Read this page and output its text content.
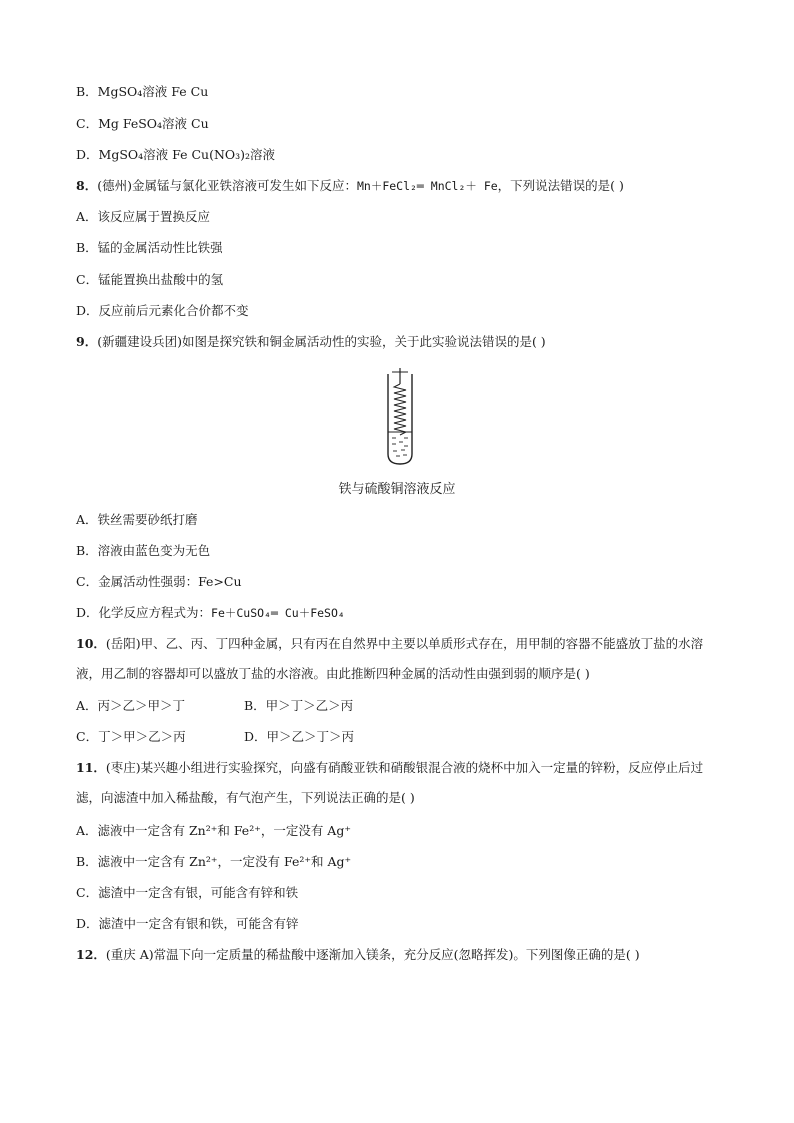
B．MgSO₄溶液 Fe Cu
C．Mg FeSO₄溶液 Cu
D．MgSO₄溶液 Fe Cu(NO₃)₂溶液
8．(德州)金属锰与氯化亚铁溶液可发生如下反应：Mn＋FeCl₂═ MnCl₂＋ Fe，下列说法错误的是( )
A．该反应属于置换反应
B．锰的金属活动性比铁强
C．锰能置换出盐酸中的氢
D．反应前后元素化合价都不变
9．(新疆建设兵团)如图是探究铁和铜金属活动性的实验，关于此实验说法错误的是( )
铁与硫酸铜溶液反应
A．铁丝需要砂纸打磨
B．溶液由蓝色变为无色
C．金属活动性强弱：Fe>Cu
D．化学反应方程式为：Fe＋CuSO₄═ Cu＋FeSO₄
10．(岳阳)甲、乙、丙、丁四种金属，只有丙在自然界中主要以单质形式存在，用甲制的容器不能盛放丁盐的水溶液，用乙制的容器却可以盛放丁盐的水溶液。由此推断四种金属的活动性由强到弱的顺序是( )
A．丙＞乙＞甲＞丁	B．甲＞丁＞乙＞丙
C．丁＞甲＞乙＞丙	D．甲＞乙＞丁＞丙
11．(枣庄)某兴趣小组进行实验探究，向盛有硝酸亚铁和硝酸银混合液的烧杯中加入一定量的锌粉，反应停止后过滤，向滤渣中加入稀盐酸，有气泡产生，下列说法正确的是( )
A．滤液中一定含有 Zn²⁺和 Fe²⁺，一定没有 Ag⁺
B．滤液中一定含有 Zn²⁺，一定没有 Fe²⁺和 Ag⁺
C．滤渣中一定含有银，可能含有锌和铁
D．滤渣中一定含有银和铁，可能含有锌
12．(重庆 A)常温下向一定质量的稀盐酸中逐渐加入镁条，充分反应(忽略挥发)。下列图像正确的是( )
